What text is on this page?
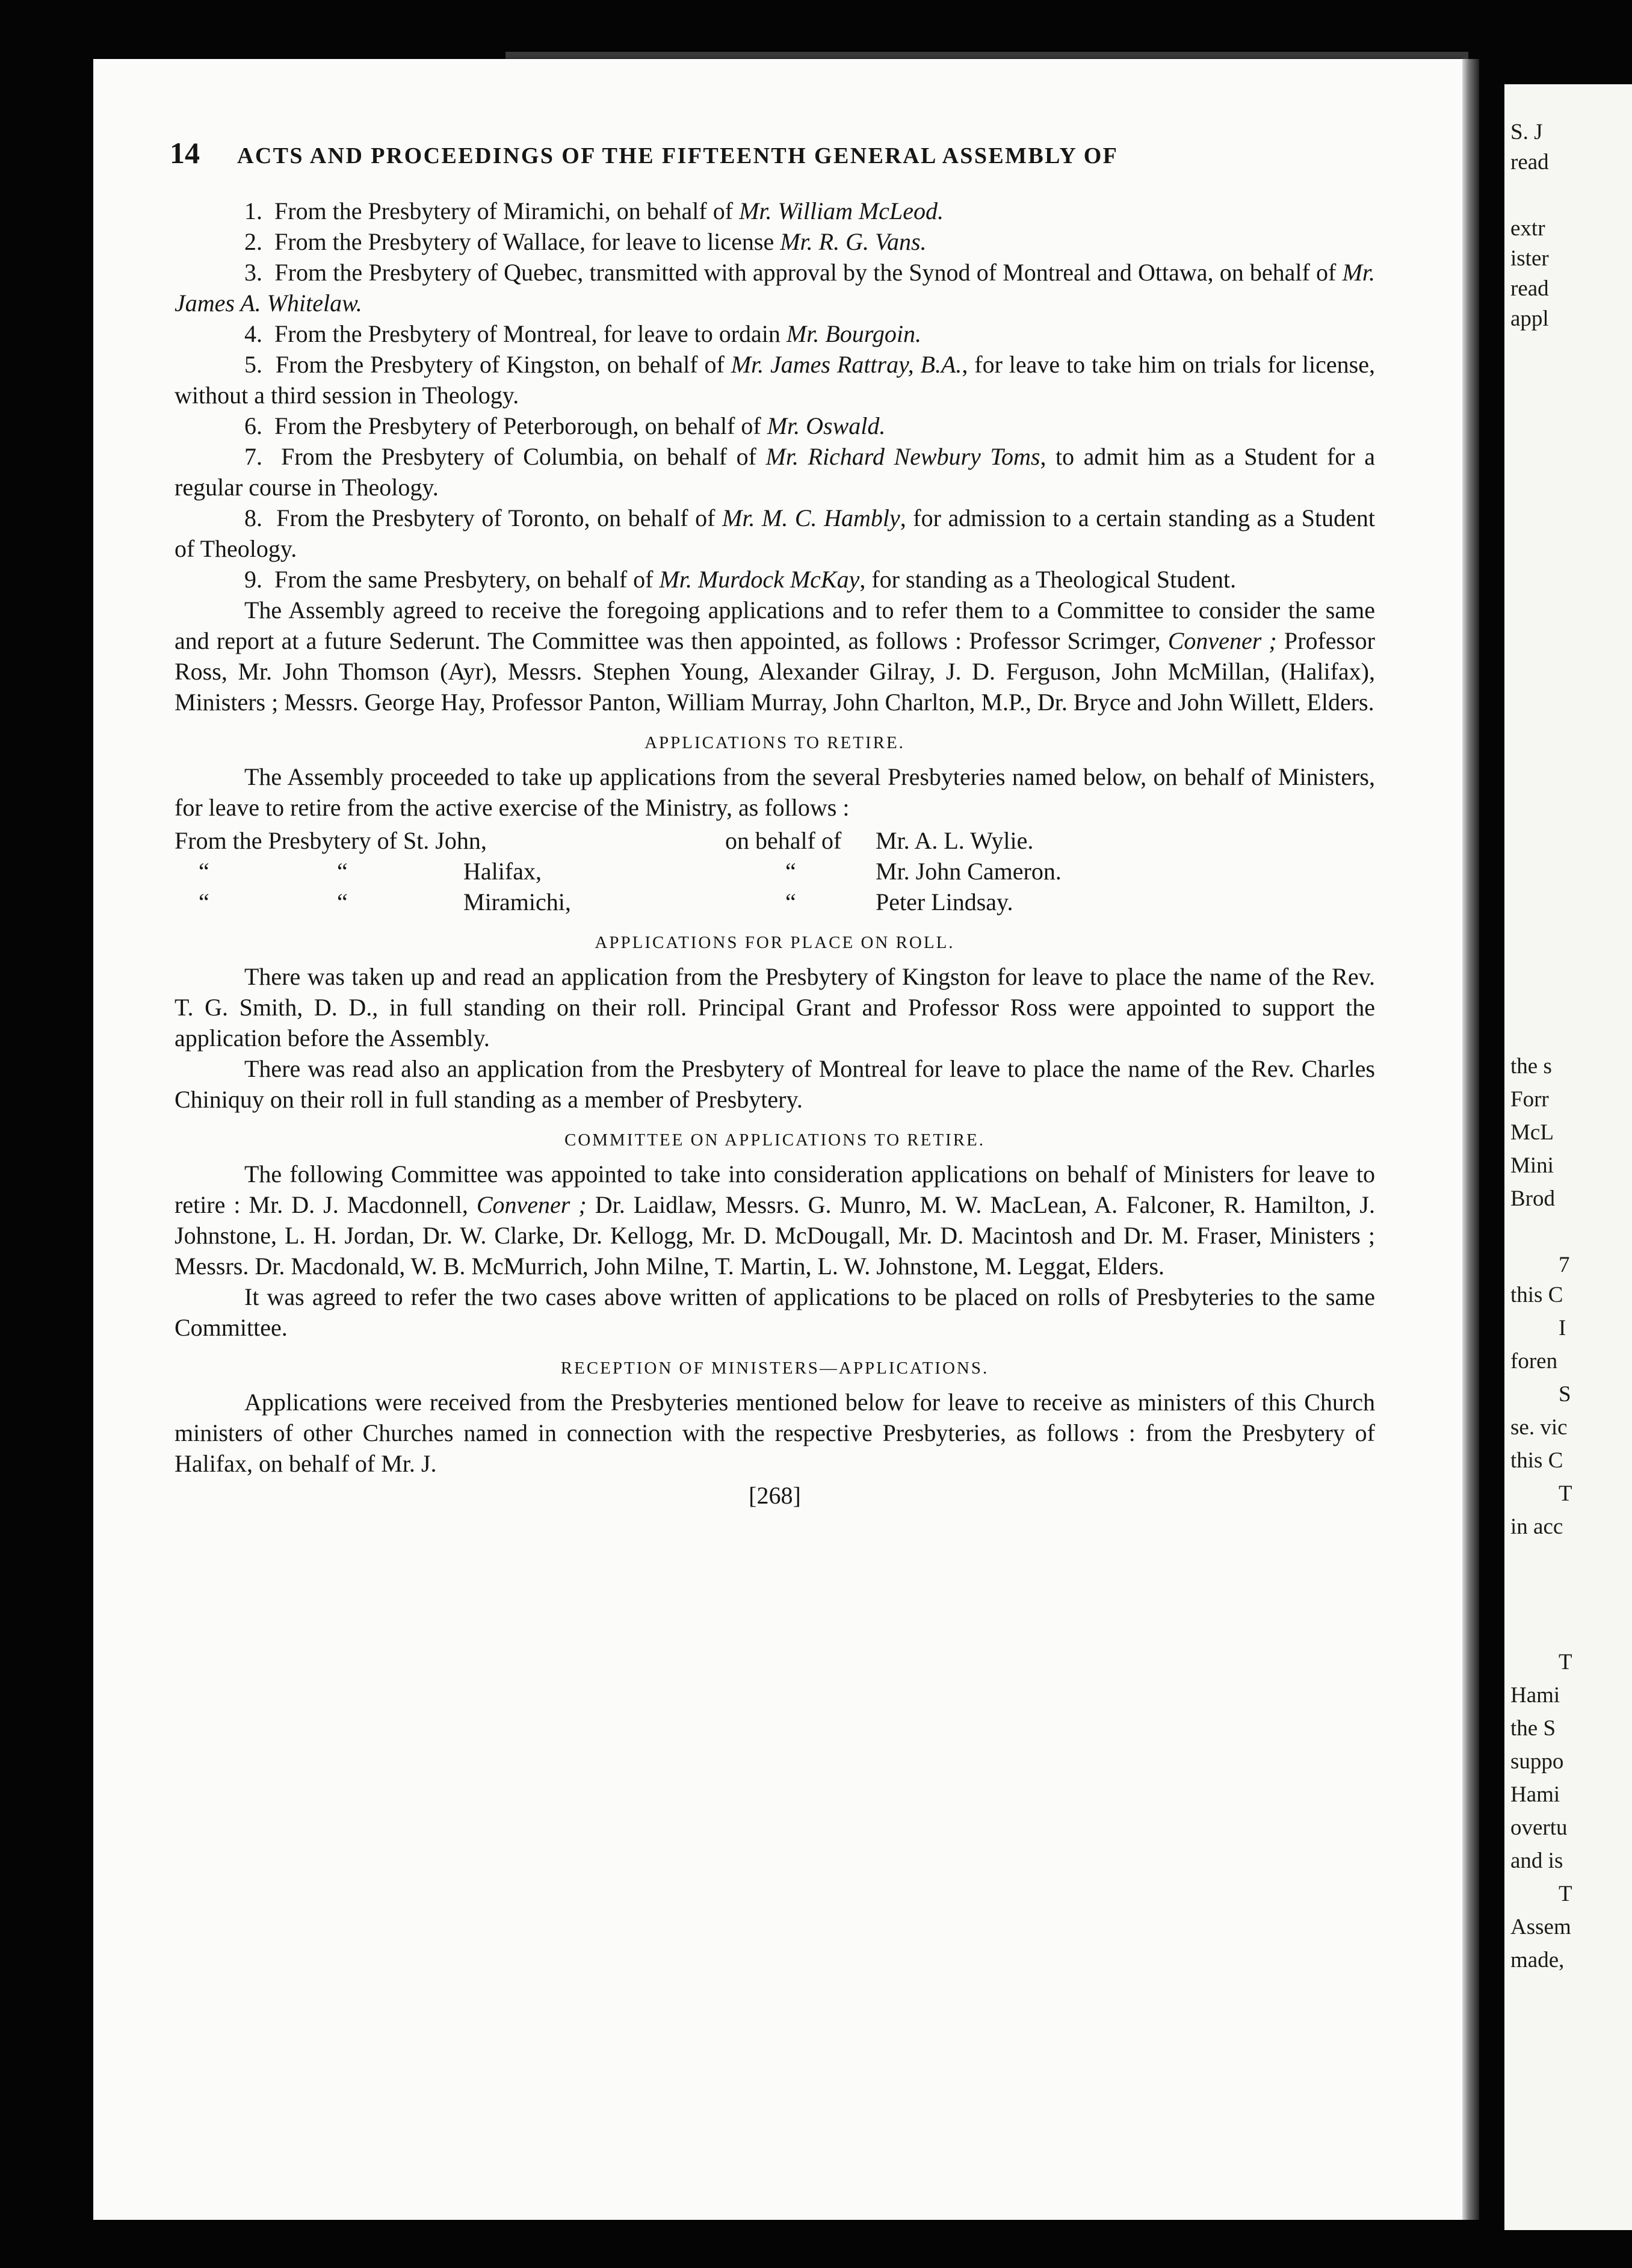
S. J

read

extr

ister

read

appl

the s

Forr

McL

Mini

Brod

7

this C

I

foren

S

se. vic

this C

T

in acc

T

Hami

the S

suppo

Hami

overtu

and is

T

Assem

made,

14	ACTS AND PROCEEDINGS OF THE FIFTEENTH GENERAL ASSEMBLY OF

1. From the Presbytery of Miramichi, on behalf of Mr. William McLeod.

2. From the Presbytery of Wallace, for leave to license Mr. R. G. Vans.

3. From the Presbytery of Quebec, transmitted with approval by the Synod of Montreal and Ottawa, on behalf of Mr. James A. Whitelaw.

4. From the Presbytery of Montreal, for leave to ordain Mr. Bourgoin.

5. From the Presbytery of Kingston, on behalf of Mr. James Rattray, B.A., for leave to take him on trials for license, without a third session in Theology.

6. From the Presbytery of Peterborough, on behalf of Mr. Oswald.

7. From the Presbytery of Columbia, on behalf of Mr. Richard Newbury Toms, to admit him as a Student for a regular course in Theology.

8. From the Presbytery of Toronto, on behalf of Mr. M. C. Hambly, for admission to a certain standing as a Student of Theology.

9. From the same Presbytery, on behalf of Mr. Murdock McKay, for standing as a Theological Student.

The Assembly agreed to receive the foregoing applications and to refer them to a Committee to consider the same and report at a future Sederunt. The Committee was then appointed, as follows : Professor Scrimger, Convener ; Professor Ross, Mr. John Thomson (Ayr), Messrs. Stephen Young, Alexander Gilray, J. D. Ferguson, John McMillan, (Halifax), Ministers ; Messrs. George Hay, Professor Panton, William Murray, John Charlton, M.P., Dr. Bryce and John Willett, Elders.

APPLICATIONS TO RETIRE.

The Assembly proceeded to take up applications from the several Presbyteries named below, on behalf of Ministers, for leave to retire from the active exercise of the Ministry, as follows :

From the Presbytery of St. John,	on behalf of	Mr. A. L. Wylie.
“	“	Halifax,	“	Mr. John Cameron.
“	“	Miramichi,	“	Peter Lindsay.

APPLICATIONS FOR PLACE ON ROLL.

There was taken up and read an application from the Presbytery of Kingston for leave to place the name of the Rev. T. G. Smith, D. D., in full standing on their roll. Principal Grant and Professor Ross were appointed to support the application before the Assembly.

There was read also an application from the Presbytery of Montreal for leave to place the name of the Rev. Charles Chiniquy on their roll in full standing as a member of Presbytery.

COMMITTEE ON APPLICATIONS TO RETIRE.

The following Committee was appointed to take into consideration applications on behalf of Ministers for leave to retire : Mr. D. J. Macdonnell, Convener ; Dr. Laidlaw, Messrs. G. Munro, M. W. MacLean, A. Falconer, R. Hamilton, J. Johnstone, L. H. Jordan, Dr. W. Clarke, Dr. Kellogg, Mr. D. McDougall, Mr. D. Macintosh and Dr. M. Fraser, Ministers ; Messrs. Dr. Macdonald, W. B. McMurrich, John Milne, T. Martin, L. W. Johnstone, M. Leggat, Elders.

It was agreed to refer the two cases above written of applications to be placed on rolls of Presbyteries to the same Committee.

RECEPTION OF MINISTERS—APPLICATIONS.

Applications were received from the Presbyteries mentioned below for leave to receive as ministers of this Church ministers of other Churches named in connection with the respective Presbyteries, as follows : from the Presbytery of Halifax, on behalf of Mr. J.

[268]
